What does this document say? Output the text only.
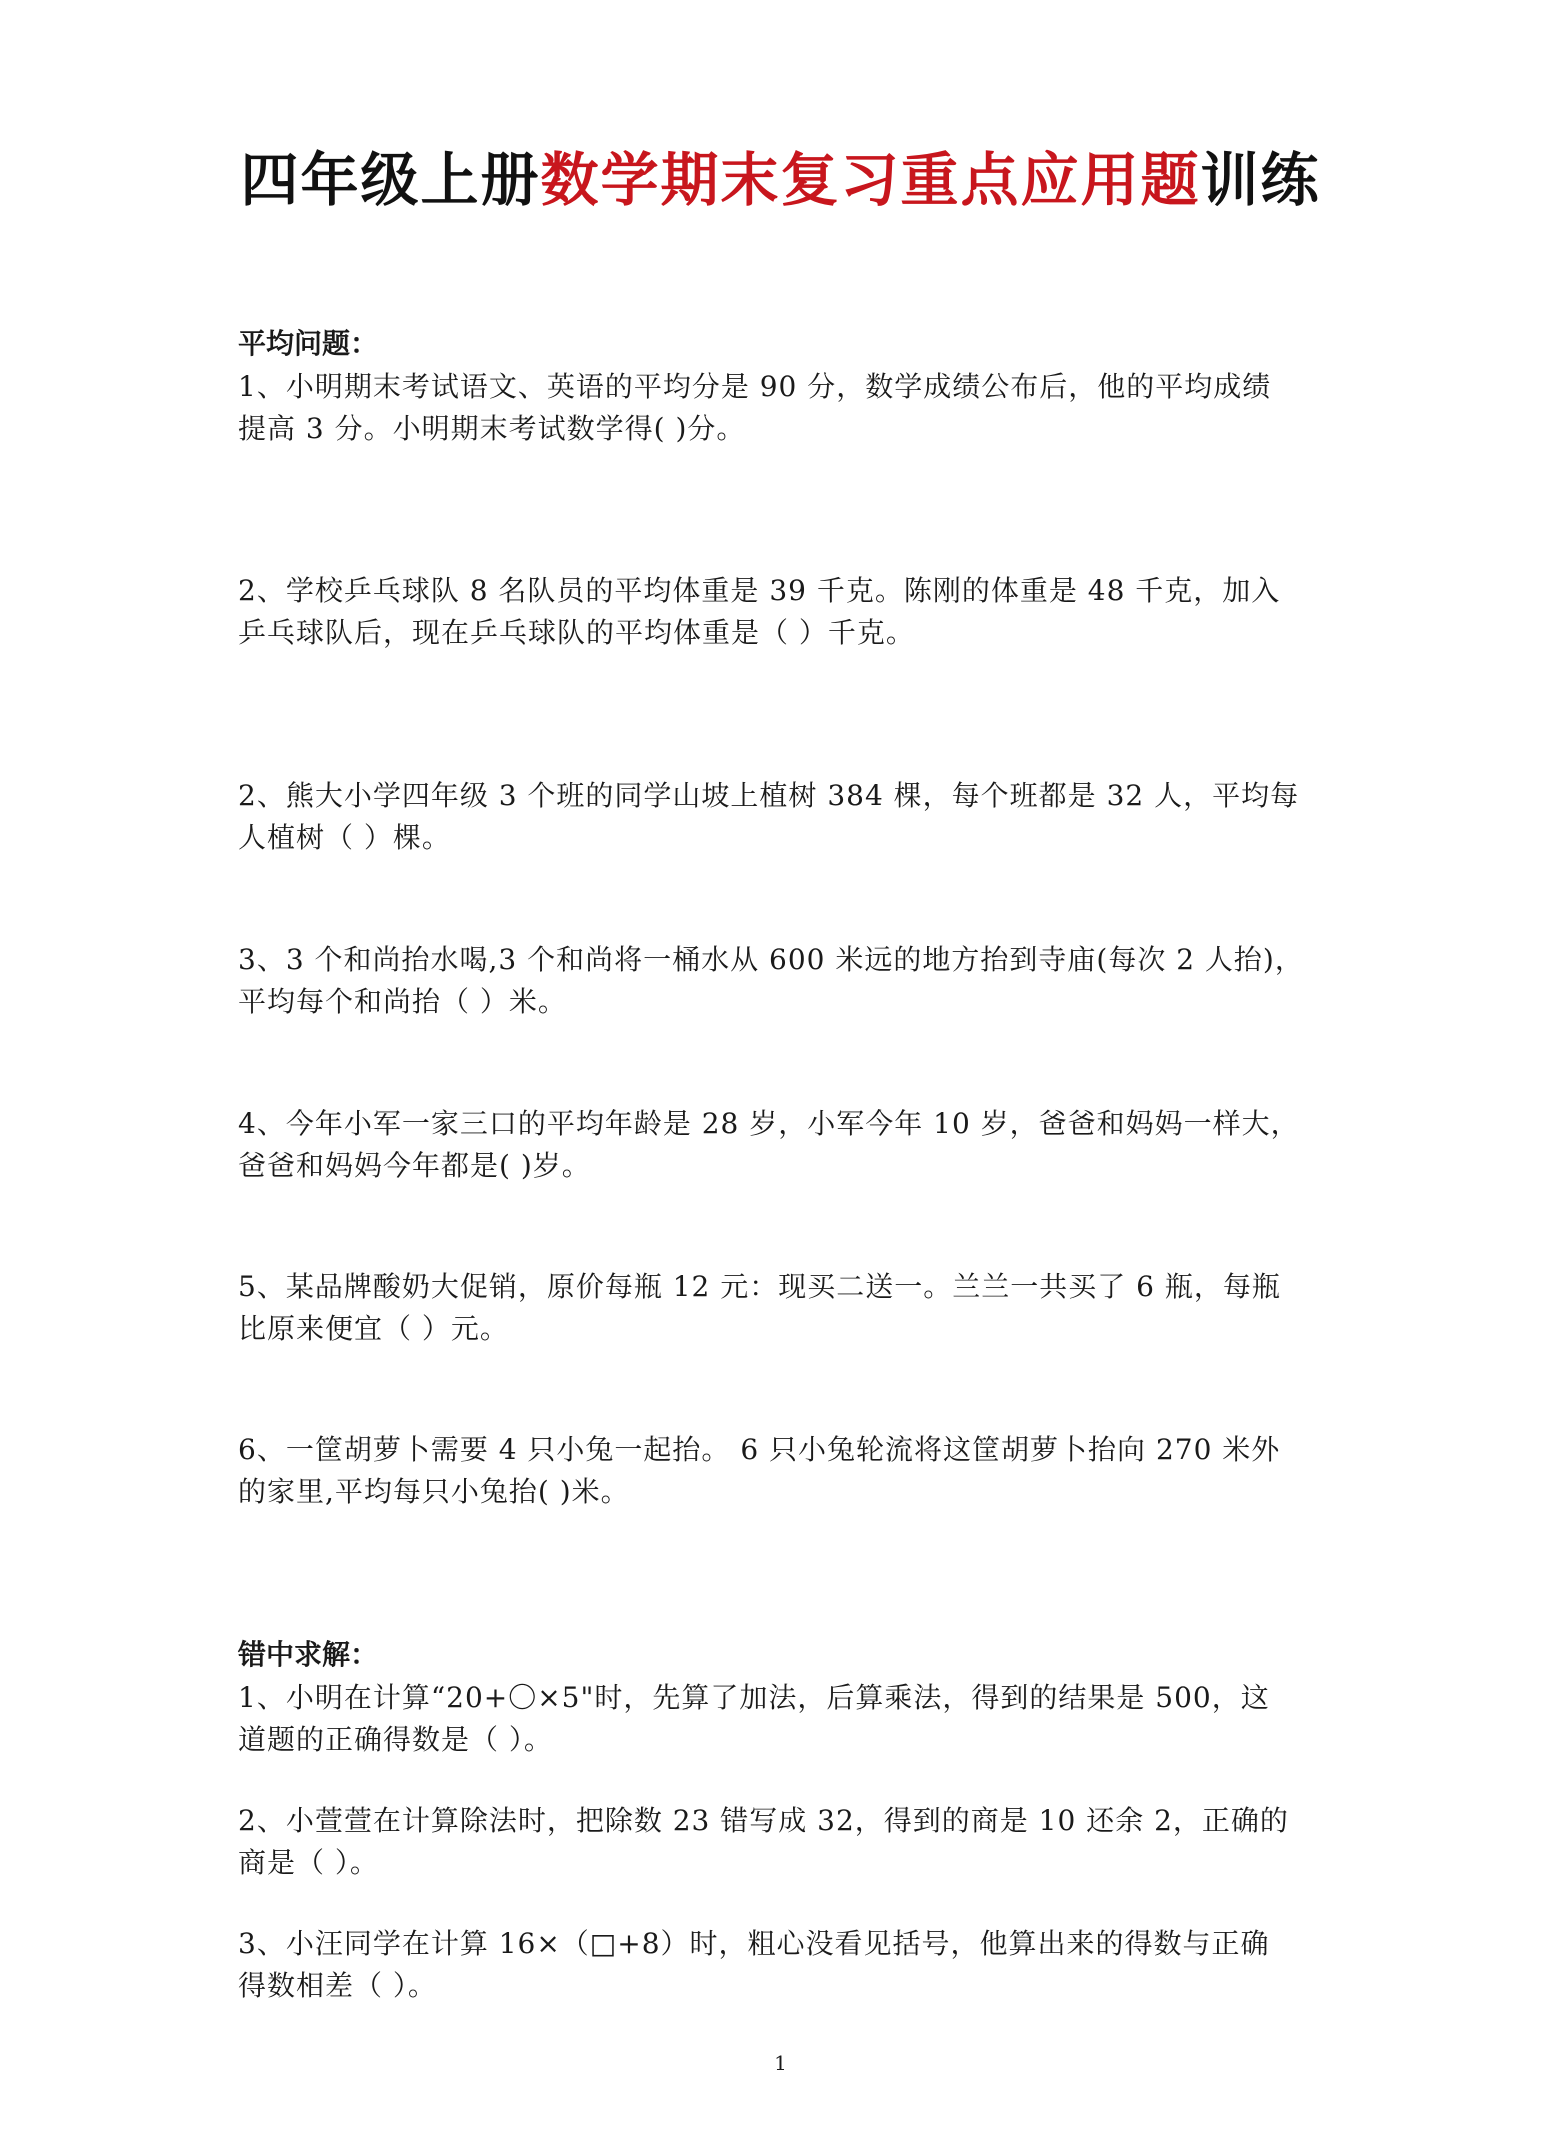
四年级上册数学期末复习重点应用题训练

平均问题：

1、小明期末考试语文、英语的平均分是 90 分，数学成绩公布后，他的平均成绩
提高 3 分。小明期末考试数学得( )分。

2、学校乒乓球队 8 名队员的平均体重是 39 千克。陈刚的体重是 48 千克，加入
乒乓球队后，现在乒乓球队的平均体重是（ ）千克。

2、熊大小学四年级 3 个班的同学山坡上植树 384 棵，每个班都是 32 人，平均每
人植树（ ）棵。

3、3 个和尚抬水喝,3 个和尚将一桶水从 600 米远的地方抬到寺庙(每次 2 人抬)，
平均每个和尚抬（ ）米。

4、今年小军一家三口的平均年龄是 28 岁，小军今年 10 岁，爸爸和妈妈一样大，
爸爸和妈妈今年都是( )岁。

5、某品牌酸奶大促销，原价每瓶 12 元：现买二送一。兰兰一共买了 6 瓶，每瓶
比原来便宜（ ）元。

6、一筐胡萝卜需要 4 只小兔一起抬。 6 只小兔轮流将这筐胡萝卜抬向 270 米外
的家里,平均每只小兔抬( )米。

错中求解：

1、小明在计算“20+〇×5"时，先算了加法，后算乘法，得到的结果是 500，这
道题的正确得数是（ ）。

2、小萱萱在计算除法时，把除数 23 错写成 32，得到的商是 10 还余 2，正确的
商是（ ）。

3、小汪同学在计算 16×（□+8）时，粗心没看见括号，他算出来的得数与正确
得数相差（ ）。

1
